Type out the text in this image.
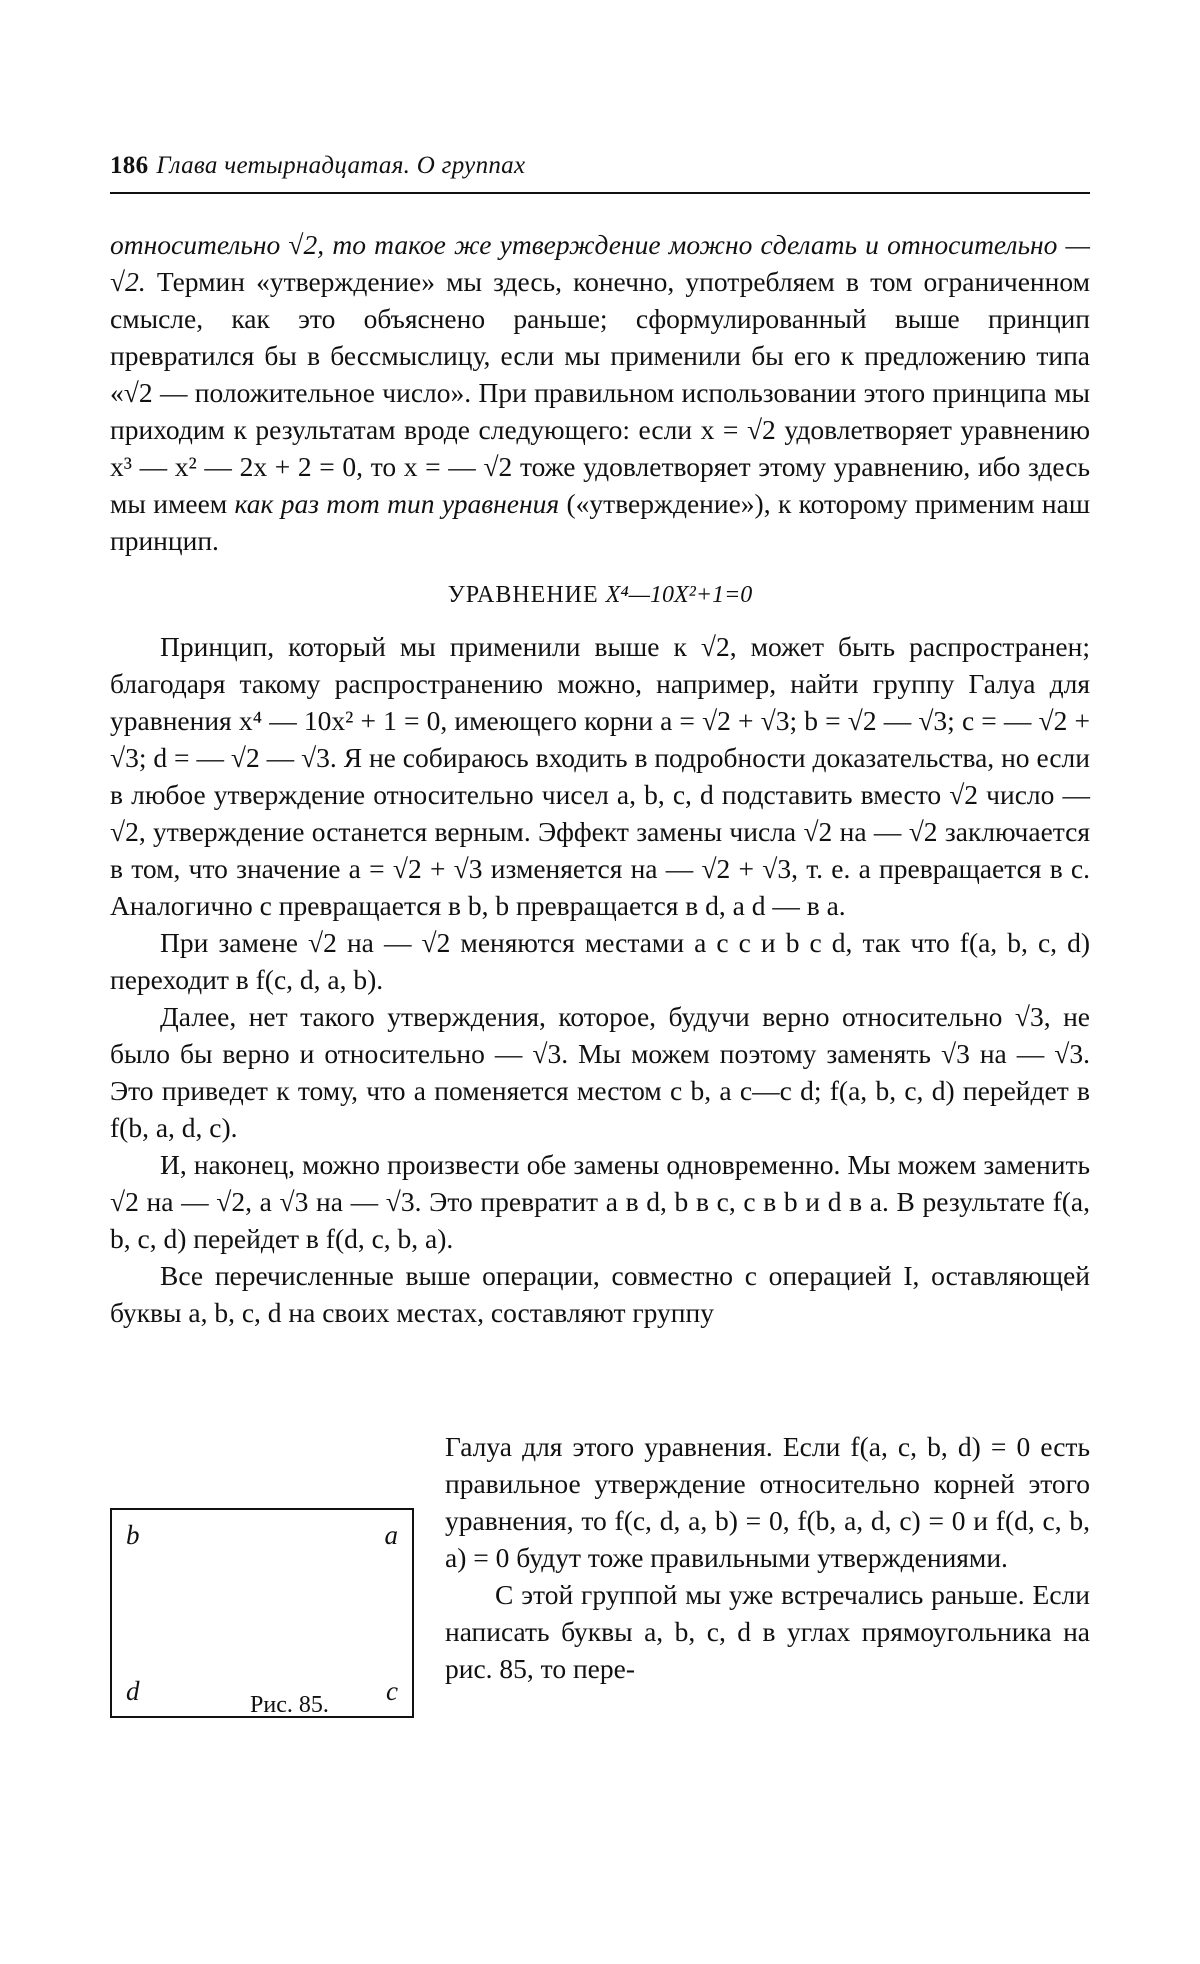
186 Глава четырнадцатая. О группах

относительно √2, то такое же утверждение можно сделать и относительно —√2. Термин «утверждение» мы здесь, конечно, употребляем в том ограниченном смысле, как это объяснено раньше; сформулированный выше принцип превратился бы в бессмыслицу, если мы применили бы его к предложению типа «√2 — положительное число». При правильном использовании этого принципа мы приходим к результатам вроде следующего: если x = √2 удовлетворяет уравнению x³ — x² — 2x + 2 = 0, то x = — √2 тоже удовлетворяет этому уравнению, ибо здесь мы имеем как раз тот тип уравнения («утверждение»), к которому применим наш принцип.

УРАВНЕНИЕ X⁴—10X²+1=0

Принцип, который мы применили выше к √2, может быть распространен; благодаря такому распространению можно, например, найти группу Галуа для уравнения x⁴ — 10x² + 1 = 0, имеющего корни a = √2 + √3; b = √2 — √3; c = — √2 + √3; d = — √2 — √3. Я не собираюсь входить в подробности доказательства, но если в любое утверждение относительно чисел a, b, c, d подставить вместо √2 число — √2, утверждение останется верным. Эффект замены числа √2 на — √2 заключается в том, что значение a = √2 + √3 изменяется на — √2 + √3, т. е. a превращается в c. Аналогично c превращается в b, b превращается в d, а d — в a.

При замене √2 на — √2 меняются местами a с c и b с d, так что f(a, b, c, d) переходит в f(c, d, a, b).

Далее, нет такого утверждения, которое, будучи верно относительно √3, не было бы верно и относительно — √3. Мы можем поэтому заменять √3 на — √3. Это приведет к тому, что a поменяется местом с b, а c—с d; f(a, b, c, d) перейдет в f(b, a, d, c).

И, наконец, можно произвести обе замены одновременно. Мы можем заменить √2 на — √2, а √3 на — √3. Это превратит a в d, b в c, c в b и d в a. В результате f(a, b, c, d) перейдет в f(d, c, b, a).

Все перечисленные выше операции, совместно с операцией I, оставляющей буквы a, b, c, d на своих местах, составляют группу

b	a
d	c
Рис. 85.

Галуа для этого уравнения. Если f(a, c, b, d) = 0 есть правильное утверждение относительно корней этого уравнения, то f(c, d, a, b) = 0, f(b, a, d, c) = 0 и f(d, c, b, a) = 0 будут тоже правильными утверждениями.

С этой группой мы уже встречались раньше. Если написать буквы a, b, c, d в углах прямоугольника на рис. 85, то пере-
